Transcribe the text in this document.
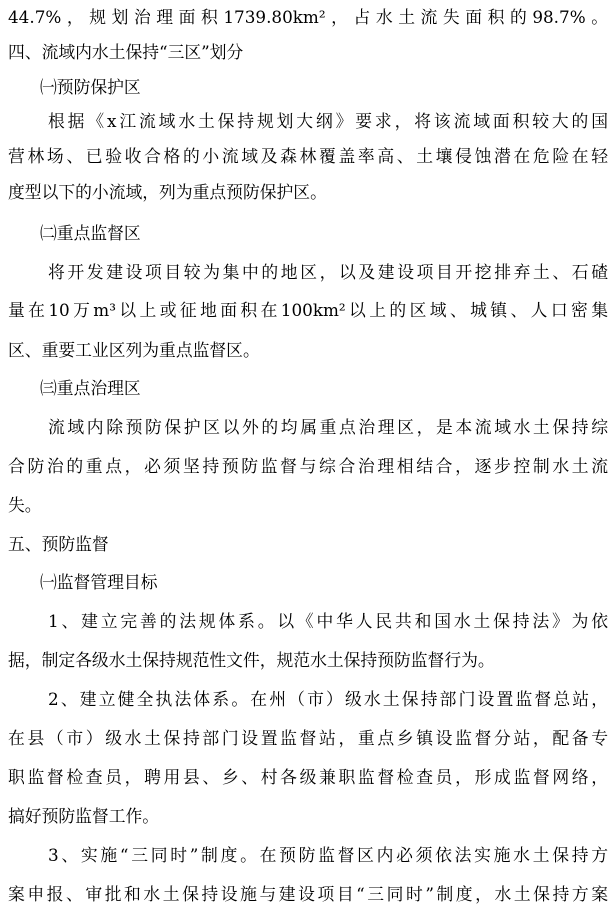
44.7%，规划治理面积1739.80km²，占水土流失面积的98.7%。
四、流域内水土保持“三区”划分
㈠预防保护区
根据《x江流域水土保持规划大纲》要求，将该流域面积较大的国
营林场、已验收合格的小流域及森林覆盖率高、土壤侵蚀潜在危险在轻
度型以下的小流域，列为重点预防保护区。
㈡重点监督区
将开发建设项目较为集中的地区，以及建设项目开挖排弃土、石碴
量在10万m³以上或征地面积在100km²以上的区域、城镇、人口密集
区、重要工业区列为重点监督区。
㈢重点治理区
流域内除预防保护区以外的均属重点治理区，是本流域水土保持综
合防治的重点，必须坚持预防监督与综合治理相结合，逐步控制水土流
失。
五、预防监督
㈠监督管理目标
1、建立完善的法规体系。以《中华人民共和国水土保持法》为依
据，制定各级水土保持规范性文件，规范水土保持预防监督行为。
2、建立健全执法体系。在州（市）级水土保持部门设置监督总站，
在县（市）级水土保持部门设置监督站，重点乡镇设监督分站，配备专
职监督检查员，聘用县、乡、村各级兼职监督检查员，形成监督网络，
搞好预防监督工作。
3、实施“三同时”制度。在预防监督区内必须依法实施水土保持方
案申报、审批和水土保持设施与建设项目“三同时”制度，水土保持方案
